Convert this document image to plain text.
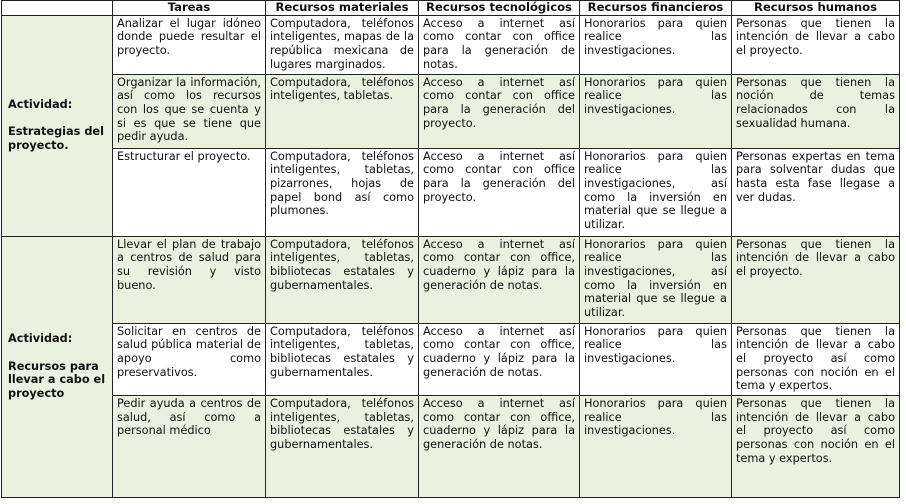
	Tareas	Recursos materiales	Recursos tecnológicos	Recursos financieros	Recursos humanos

Actividad:

Estrategias del proyecto.	Analizar el lugar idóneo donde puede resultar el proyecto.	Computadora, teléfonos inteligentes, mapas de la república mexicana de lugares marginados.	Acceso a internet así como contar con office para la generación de notas.	Honorarios para quien realice las investigaciones.	Personas que tienen la intención de llevar a cabo el proyecto.
	Organizar la información, así como los recursos con los que se cuenta y si es que se tiene que pedir ayuda.	Computadora, teléfonos inteligentes, tabletas.	Acceso a internet así como contar con office para la generación del proyecto.	Honorarios para quien realice las investigaciones.	Personas que tienen la noción de temas relacionados con la sexualidad humana.
	Estructurar el proyecto.	Computadora, teléfonos inteligentes, tabletas, pizarrones, hojas de papel bond así como plumones.	Acceso a internet así como contar con office para la generación del proyecto.	Honorarios para quien realice las investigaciones, así como la inversión en material que se llegue a utilizar.	Personas expertas en tema para solventar dudas que hasta esta fase llegase a ver dudas.

Actividad:

Recursos para llevar a cabo el proyecto	Llevar el plan de trabajo a centros de salud para su revisión y visto bueno.	Computadora, teléfonos inteligentes, tabletas, bibliotecas estatales y gubernamentales.	Acceso a internet así como contar con office, cuaderno y lápiz para la generación de notas.	Honorarios para quien realice las investigaciones, así como la inversión en material que se llegue a utilizar.	Personas que tienen la intención de llevar a cabo el proyecto.
	Solicitar en centros de salud pública material de apoyo como preservativos.	Computadora, teléfonos inteligentes, tabletas, bibliotecas estatales y gubernamentales.	Acceso a internet así como contar con office, cuaderno y lápiz para la generación de notas.	Honorarios para quien realice las investigaciones.	Personas que tienen la intención de llevar a cabo el proyecto así como personas con noción en el tema y expertos.
	Pedir ayuda a centros de salud, así como a personal médico	Computadora, teléfonos inteligentes, tabletas, bibliotecas estatales y gubernamentales.	Acceso a internet así como contar con office, cuaderno y lápiz para la generación de notas.	Honorarios para quien realice las investigaciones.	Personas que tienen la intención de llevar a cabo el proyecto así como personas con noción en el tema y expertos.
